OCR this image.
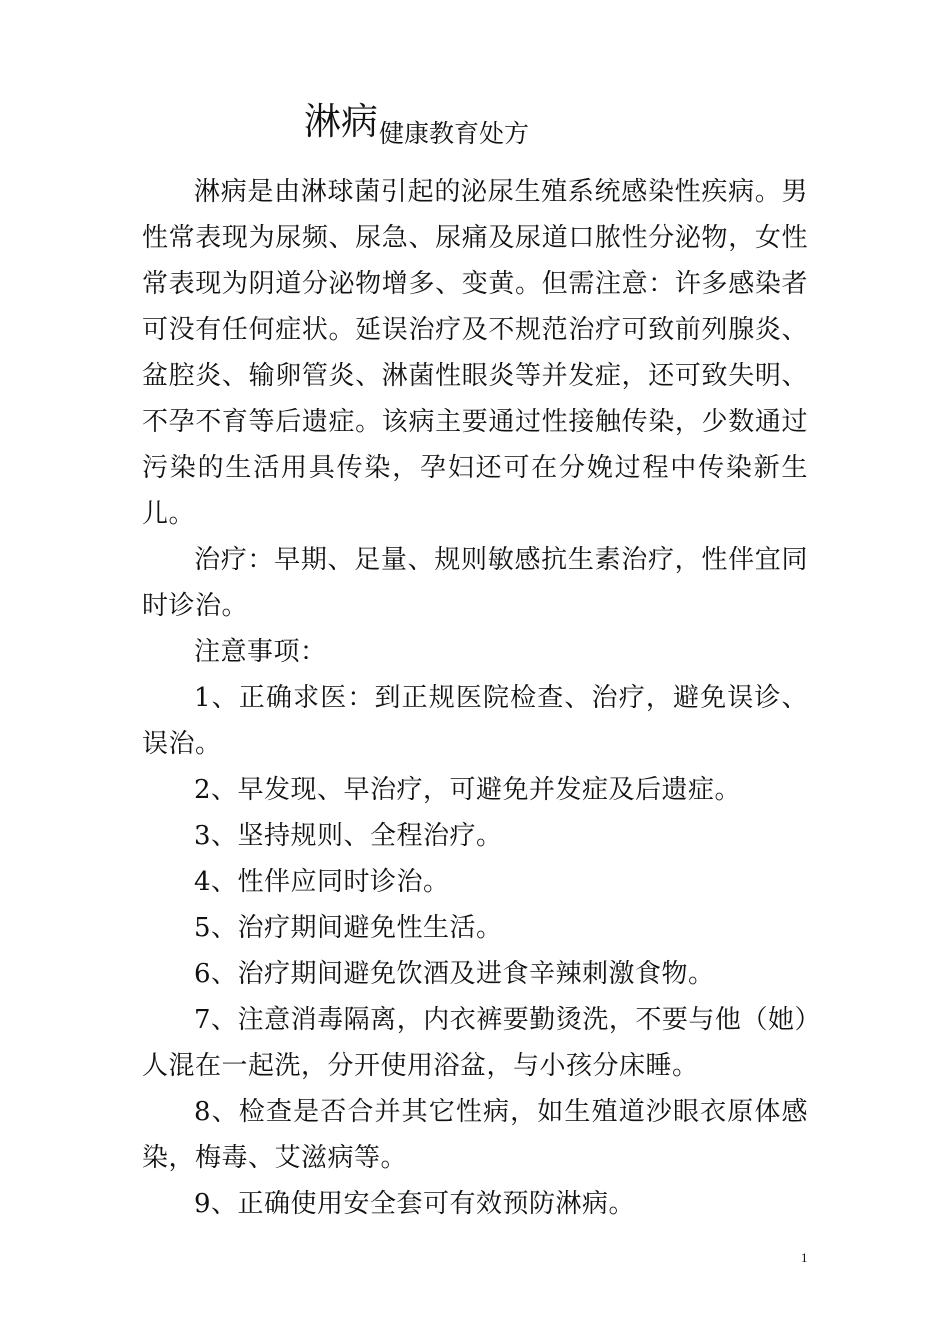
淋病健康教育处方

淋病是由淋球菌引起的泌尿生殖系统感染性疾病。男性常表现为尿频、尿急、尿痛及尿道口脓性分泌物，女性常表现为阴道分泌物增多、变黄。但需注意：许多感染者可没有任何症状。延误治疗及不规范治疗可致前列腺炎、盆腔炎、输卵管炎、淋菌性眼炎等并发症，还可致失明、不孕不育等后遗症。该病主要通过性接触传染，少数通过污染的生活用具传染，孕妇还可在分娩过程中传染新生儿。

治疗：早期、足量、规则敏感抗生素治疗，性伴宜同时诊治。

注意事项：

1、正确求医：到正规医院检查、治疗，避免误诊、误治。

2、早发现、早治疗，可避免并发症及后遗症。

3、坚持规则、全程治疗。

4、性伴应同时诊治。

5、治疗期间避免性生活。

6、治疗期间避免饮酒及进食辛辣刺激食物。

7、注意消毒隔离，内衣裤要勤烫洗，不要与他（她）人混在一起洗，分开使用浴盆，与小孩分床睡。

8、检查是否合并其它性病，如生殖道沙眼衣原体感染，梅毒、艾滋病等。

9、正确使用安全套可有效预防淋病。

1
